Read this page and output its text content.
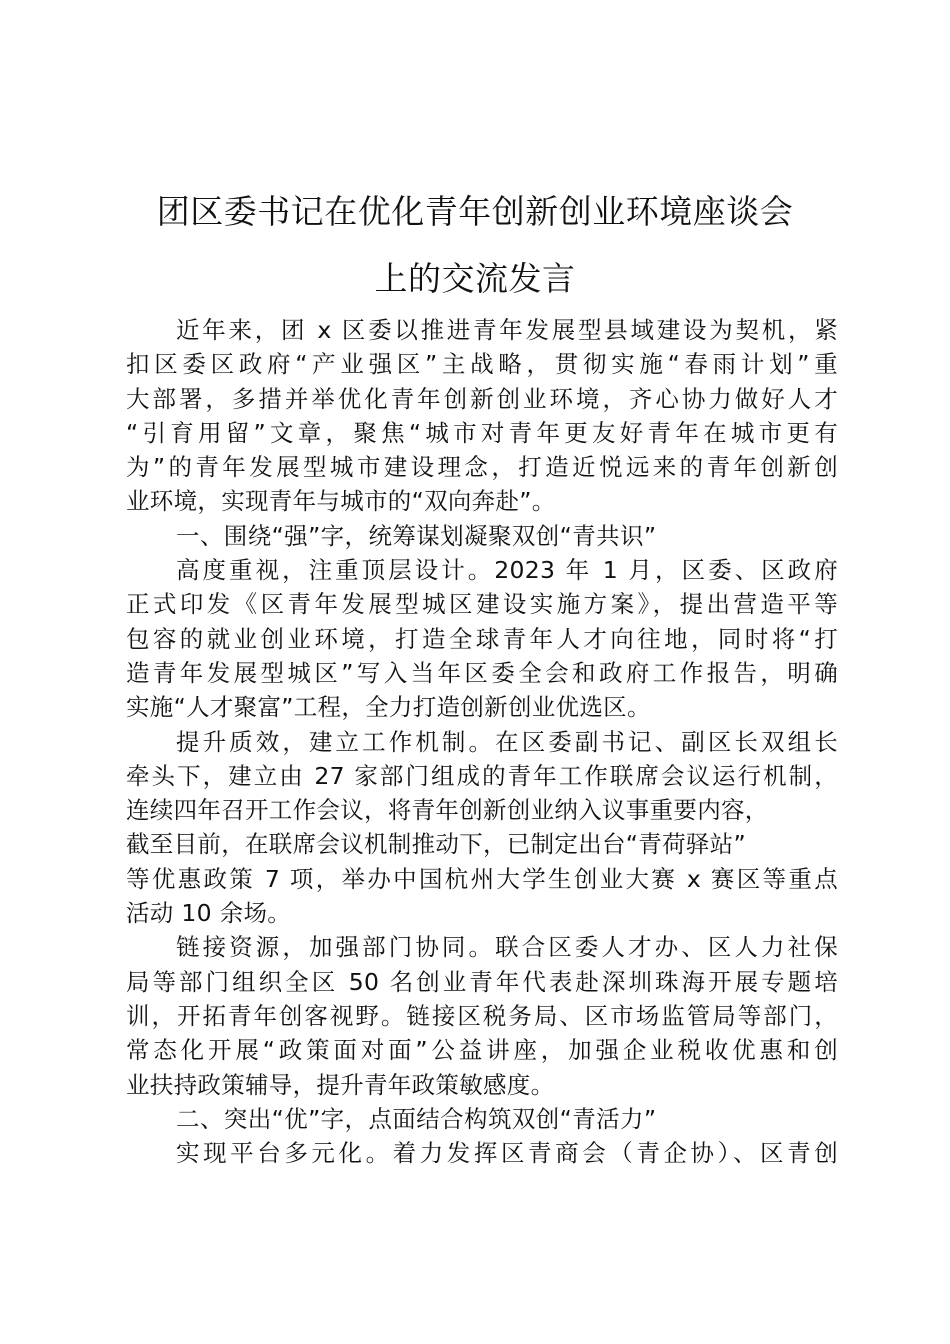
团区委书记在优化青年创新创业环境座谈会
上的交流发言
近年来，团 x 区委以推进青年发展型县域建设为契机，紧
扣区委区政府“产业强区”主战略，贯彻实施“春雨计划”重
大部署，多措并举优化青年创新创业环境，齐心协力做好人才
“引育用留”文章，聚焦“城市对青年更友好青年在城市更有
为”的青年发展型城市建设理念，打造近悦远来的青年创新创
业环境，实现青年与城市的“双向奔赴”。
一、围绕“强”字，统筹谋划凝聚双创“青共识”
高度重视，注重顶层设计。2023 年 1 月，区委、区政府
正式印发《区青年发展型城区建设实施方案》，提出营造平等
包容的就业创业环境，打造全球青年人才向往地，同时将“打
造青年发展型城区”写入当年区委全会和政府工作报告，明确
实施“人才聚富”工程，全力打造创新创业优选区。
提升质效，建立工作机制。在区委副书记、副区长双组长
牵头下，建立由 27 家部门组成的青年工作联席会议运行机制，
连续四年召开工作会议，将青年创新创业纳入议事重要内容，
截至目前，在联席会议机制推动下，已制定出台“青荷驿站”
等优惠政策 7 项，举办中国杭州大学生创业大赛 x 赛区等重点
活动 10 余场。
链接资源，加强部门协同。联合区委人才办、区人力社保
局等部门组织全区 50 名创业青年代表赴深圳珠海开展专题培
训，开拓青年创客视野。链接区税务局、区市场监管局等部门，
常态化开展“政策面对面”公益讲座，加强企业税收优惠和创
业扶持政策辅导，提升青年政策敏感度。
二、突出“优”字，点面结合构筑双创“青活力”
实现平台多元化。着力发挥区青商会（青企协）、区青创
